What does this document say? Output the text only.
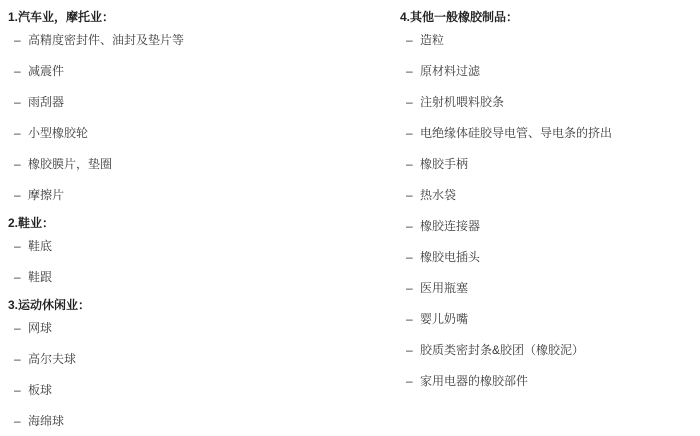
1.汽车业，摩托业：
– 高精度密封件、油封及垫片等
– 减震件
– 雨刮器
– 小型橡胶轮
– 橡胶膜片，垫圈
– 摩擦片
2.鞋业：
– 鞋底
– 鞋跟
3.运动休闲业：
– 网球
– 高尔夫球
– 板球
– 海绵球
4.其他一般橡胶制品：
– 造粒
– 原材料过滤
– 注射机喂料胶条
– 电绝缘体硅胶导电管、导电条的挤出
– 橡胶手柄
– 热水袋
– 橡胶连接器
– 橡胶电插头
– 医用瓶塞
– 婴儿奶嘴
– 胶质类密封条&胶团（橡胶泥）
– 家用电器的橡胶部件
